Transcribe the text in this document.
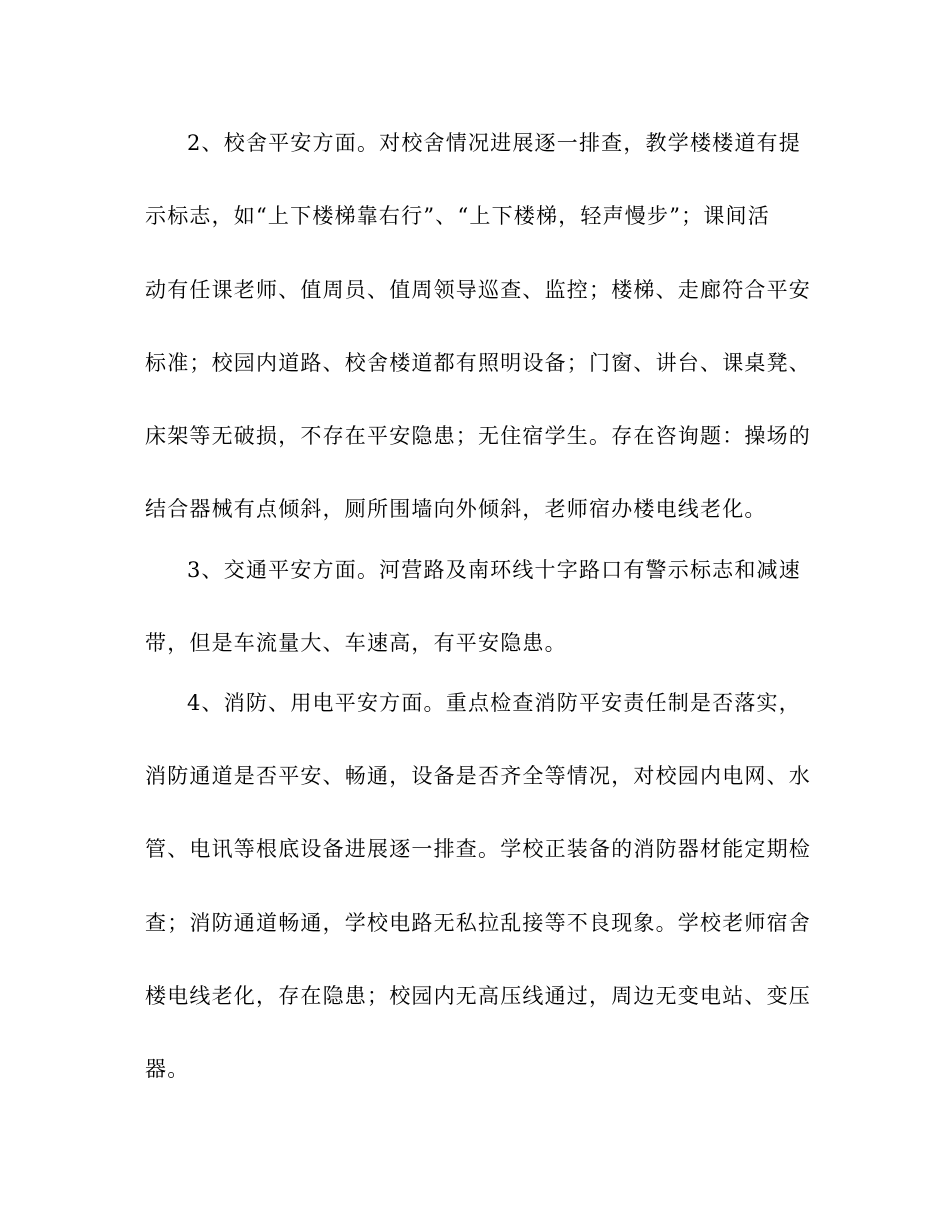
2、校舍平安方面。对校舍情况进展逐一排查，教学楼楼道有提
示标志，如“上下楼梯靠右行”、“上下楼梯，轻声慢步”；课间活
动有任课老师、值周员、值周领导巡查、监控；楼梯、走廊符合平安
标准；校园内道路、校舍楼道都有照明设备；门窗、讲台、课桌凳、
床架等无破损，不存在平安隐患；无住宿学生。存在咨询题：操场的
结合器械有点倾斜，厕所围墙向外倾斜，老师宿办楼电线老化。
3、交通平安方面。河营路及南环线十字路口有警示标志和减速
带，但是车流量大、车速高，有平安隐患。
4、消防、用电平安方面。重点检查消防平安责任制是否落实，
消防通道是否平安、畅通，设备是否齐全等情况，对校园内电网、水
管、电讯等根底设备进展逐一排查。学校正装备的消防器材能定期检
查；消防通道畅通，学校电路无私拉乱接等不良现象。学校老师宿舍
楼电线老化，存在隐患；校园内无高压线通过，周边无变电站、变压
器。
